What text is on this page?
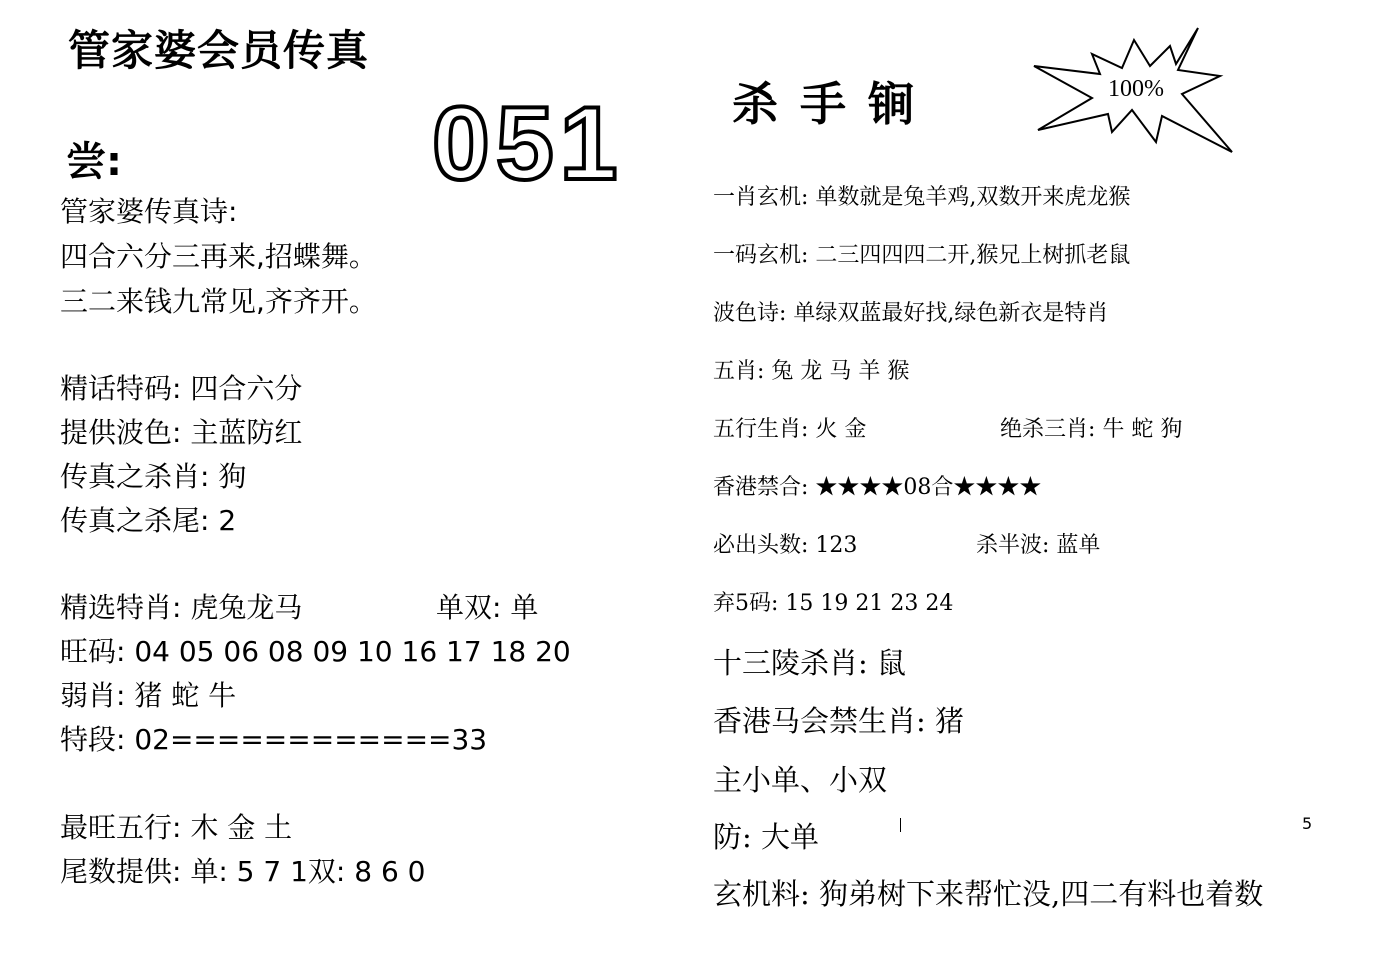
管家婆会员传真
尝:	051
管家婆传真诗:
四合六分三再来,招蝶舞。
三二来钱九常见,齐齐开。
精话特码: 四合六分
提供波色: 主蓝防红
传真之杀肖: 狗
传真之杀尾: 2
精选特肖: 虎兔龙马	单双: 单
旺码: 04 05 06 08 09 10 16 17 18 20
弱肖: 猪 蛇 牛
特段: 02============33
最旺五行: 木 金 土
尾数提供: 单: 5 7 1双: 8 6 0
杀手锏	100%
一肖玄机: 单数就是兔羊鸡,双数开来虎龙猴
一码玄机: 二三四四四二开,猴兄上树抓老鼠
波色诗: 单绿双蓝最好找,绿色新衣是特肖
五肖: 兔 龙 马 羊 猴
五行生肖: 火 金	绝杀三肖: 牛 蛇 狗
香港禁合: ★★★★08合★★★★
必出头数: 123	杀半波: 蓝单
弃5码: 15 19 21 23 24
十三陵杀肖: 鼠
香港马会禁生肖: 猪
主小单、小双
防: 大单
玄机料: 狗弟树下来帮忙没,四二有料也着数
5
